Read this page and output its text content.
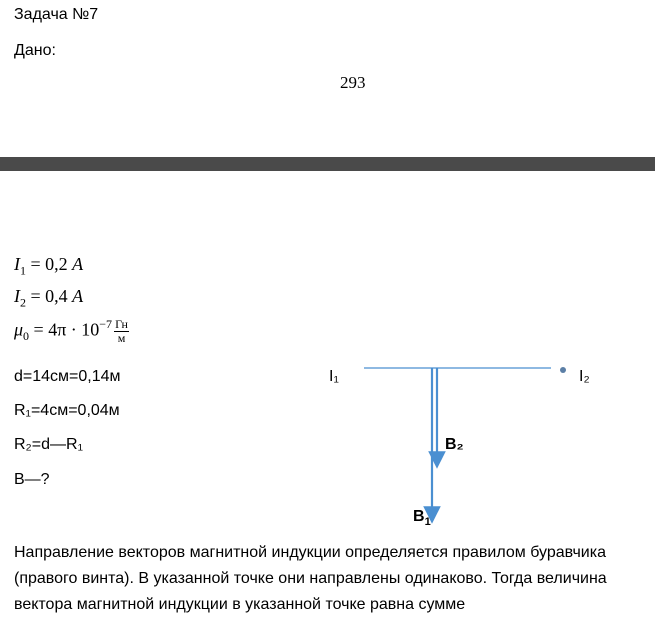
Задача №7
Дано:
293
$I_1 = 0,2$ A
$I_2 = 0,4$ A
$\mu_0 = 4\pi \cdot 10^{-7} \frac{Гн}{м}$
d=14см=0,14м
R₁=4см=0,04м
R₂=d—R₁
B—?
I₁	I₂
B₂
$B_1$
Направление векторов магнитной индукции определяется правилом буравчика (правого винта). В указанной точке они направлены одинаково. Тогда величина вектора магнитной индукции в указанной точке равна сумме
